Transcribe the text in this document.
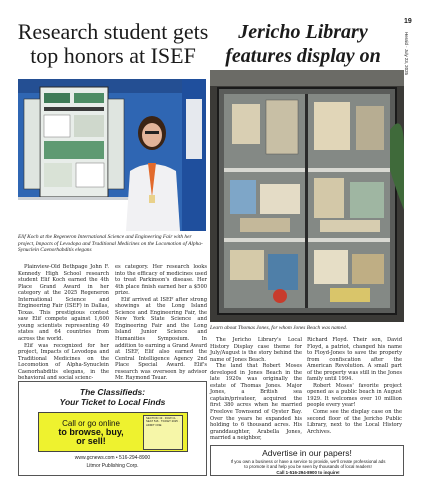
19
Herald · July 23, 2025
Research student gets top honors at ISEF
Elif Koch at the Regeneron International Science and Engineering Fair with her project, Impacts of Levodopa and Traditional Medicines on the Locomotion of Alpha-Synuclein Caenorhabditis elegans

Plainview-Old Bethpage John F. Kennedy High School research student Elif Koch earned the 4th Place Grand Award in her category at the 2025 Regeneron International Science and Engineering Fair (ISEF) in Dallas, Texas. This prestigious contest saw Elif compete against 1,600 young scientists representing 49 states and 64 countries from across the world.

Elif was recognized for her project, Impacts of Levodopa and Traditional Medicines on the Locomotion of Alpha-Synuclein Caenorhabditis elegans, in the behavioral and social scienc-

es category. Her research looks into the efficacy of medicines used to treat Parkinson's disease. Her 4th place finish earned her a $500 prize.

Elif arrived at ISEF after strong showings at the Long Island Science and Engineering Fair, the New York State Science and Engineering Fair and the Long Island Junior Science and Humanities Symposium. In addition to earning a Grand Award at ISEF, Elif also earned the Central Intelligence Agency 2nd Place Special Award. Elif's research was overseen by advisor Mr. Raymond Tsuar.

Jericho Library features display on
Learn about Thomas Jones, for whom Jones Beach was named.

The Jericho Library's Local History Display case theme for July/August is the story behind the name of Jones Beach.

The land that Robert Moses developed in Jones Beach in the late 1920s was originally the estate of Thomas Jones. Major Jones, a British sea captain/privateer, acquired the first 380 acres when he married Freelove Townsend of Oyster Bay. Over the years he expanded his holding to 6 thousand acres. His granddaughter, Arabella Jones, married a neighbor,

Richard Floyd. Their son, David Floyd, a patriot, changed his name to Floyd-Jones to save the property from confiscation after the American Revolution. A small part of the property was still in the Jones family until 1994.

Robert Moses' favorite project opened as a public beach in August 1929. It welcomes over 10 million people every year!

Come see the display case on the second floor of the Jericho Public Library, next to the Local History Archives.

The Classifieds:
Your Ticket to Local Finds
Call or go online
to browse, buy,
or sell!
SECTION 19 · ROW CL · SEAT 516 · TICKET 2025 · ADMIT ONE
www.gcnews.com • 516-294-8900
Litmor Publishing Corp.
Advertise in our papers!
If you own a business or have a service to provide, we'll create professional ads
to promote it and help you be seen by thousands of local readers!
Call 1-516-294-8900 to inquire!
